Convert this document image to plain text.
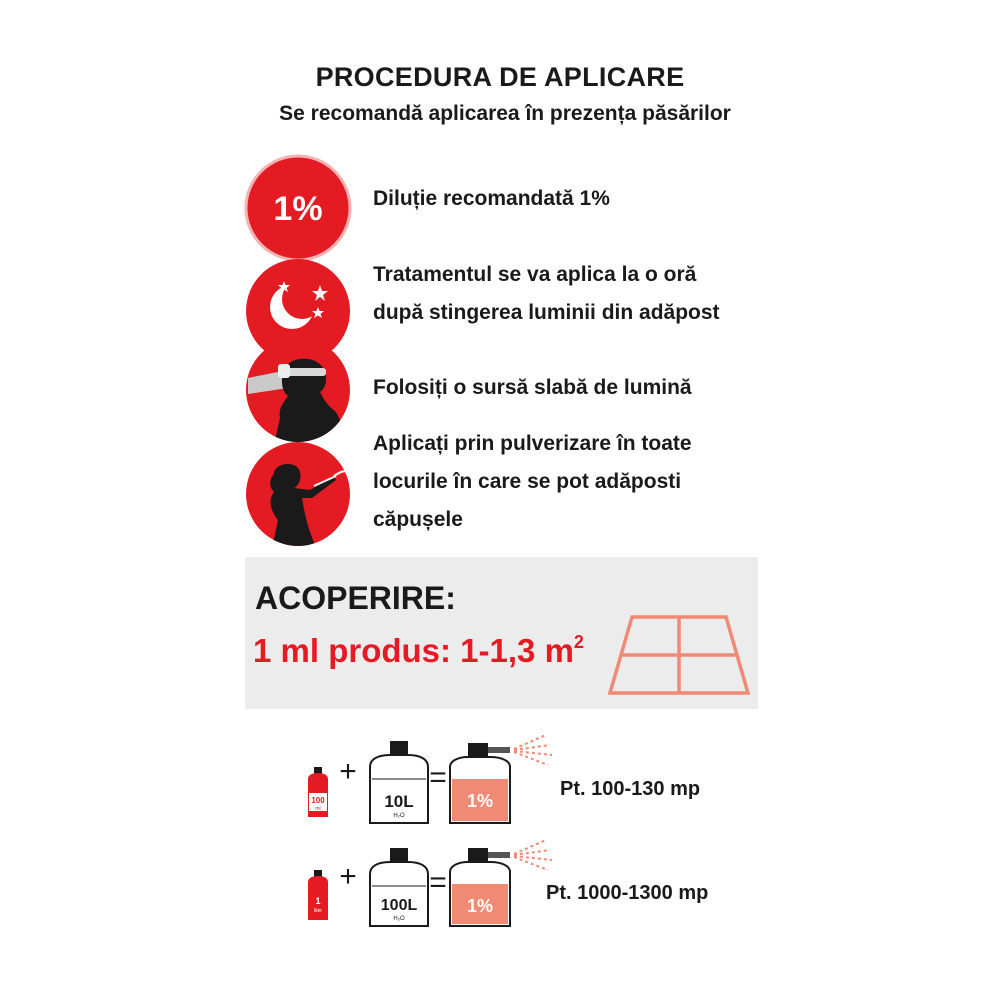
PROCEDURA DE APLICARE
Se recomandă aplicarea în prezența păsărilor
1% Diluție recomandată 1%
Tratamentul se va aplica la o oră
după stingerea luminii din adăpost
Folosiți o sursă slabă de lumină
Aplicați prin pulverizare în toate
locurile în care se pot adăposti
căpușele
ACOPERIRE:
1 ml produs: 1-1,3 $m^2$
100
ml
+
10L
H₂O
=
1%
Pt. 100-130 mp
1
liter
+
100L
H₂O
=
1%
Pt. 1000-1300 mp
